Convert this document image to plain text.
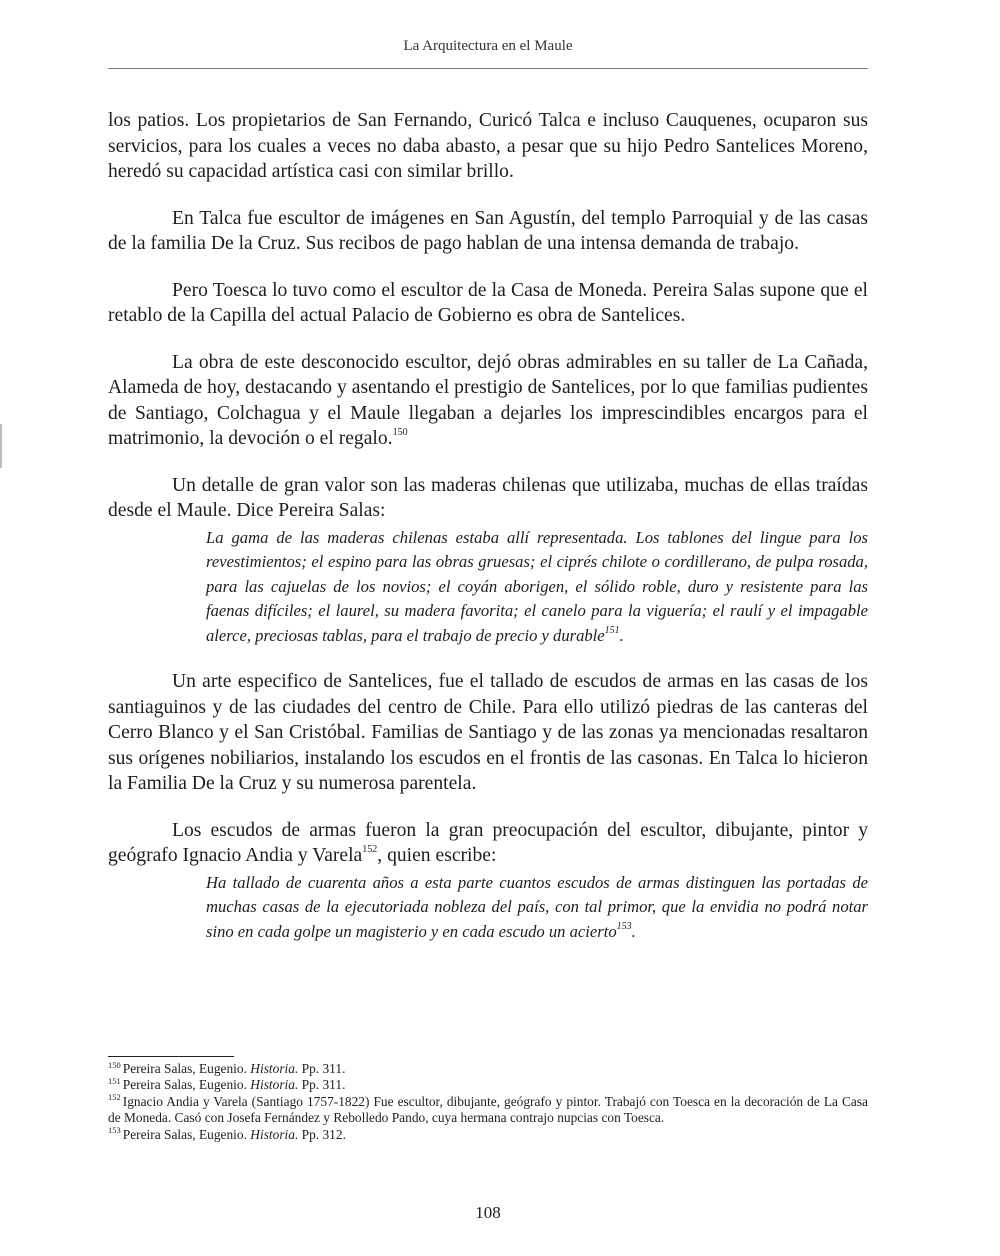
La Arquitectura en el Maule

los patios. Los propietarios de San Fernando, Curicó Talca e incluso Cauquenes, ocuparon sus servicios, para los cuales a veces no daba abasto, a pesar que su hijo Pedro Santelices Moreno, heredó su capacidad artística casi con similar brillo.

En Talca fue escultor de imágenes en San Agustín, del templo Parroquial y de las casas de la familia De la Cruz. Sus recibos de pago hablan de una intensa demanda de trabajo.

Pero Toesca lo tuvo como el escultor de la Casa de Moneda. Pereira Salas supone que el retablo de la Capilla del actual Palacio de Gobierno es obra de Santelices.

La obra de este desconocido escultor, dejó obras admirables en su taller de La Cañada, Alameda de hoy, destacando y asentando el prestigio de Santelices, por lo que familias pudientes de Santiago, Colchagua y el Maule llegaban a dejarles los imprescindibles encargos para el matrimonio, la devoción o el regalo.$^{150}$

Un detalle de gran valor son las maderas chilenas que utilizaba, muchas de ellas traídas desde el Maule. Dice Pereira Salas:

La gama de las maderas chilenas estaba allí representada. Los tablones del lingue para los revestimientos; el espino para las obras gruesas; el ciprés chilote o cordillerano, de pulpa rosada, para las cajuelas de los novios; el coyán aborigen, el sólido roble, duro y resistente para las faenas difíciles; el laurel, su madera favorita; el canelo para la viguería; el raulí y el impagable alerce, preciosas tablas, para el trabajo de precio y durable$^{151}$.

Un arte especifico de Santelices, fue el tallado de escudos de armas en las casas de los santiaguinos y de las ciudades del centro de Chile. Para ello utilizó piedras de las canteras del Cerro Blanco y el San Cristóbal. Familias de Santiago y de las zonas ya mencionadas resaltaron sus orígenes nobiliarios, instalando los escudos en el frontis de las casonas. En Talca lo hicieron la Familia De la Cruz y su numerosa parentela.

Los escudos de armas fueron la gran preocupación del escultor, dibujante, pintor y geógrafo Ignacio Andia y Varela$^{152}$, quien escribe:

Ha tallado de cuarenta años a esta parte cuantos escudos de armas distinguen las portadas de muchas casas de la ejecutoriada nobleza del país, con tal primor, que la envidia no podrá notar sino en cada golpe un magisterio y en cada escudo un acierto$^{153}$.

$^{150}$ Pereira Salas, Eugenio. Historia. Pp. 311.

$^{151}$ Pereira Salas, Eugenio. Historia. Pp. 311.

$^{152}$ Ignacio Andia y Varela (Santiago 1757-1822) Fue escultor, dibujante, geógrafo y pintor. Trabajó con Toesca en la decoración de La Casa de Moneda. Casó con Josefa Fernández y Rebolledo Pando, cuya hermana contrajo nupcias con Toesca.

$^{153}$ Pereira Salas, Eugenio. Historia. Pp. 312.

108
